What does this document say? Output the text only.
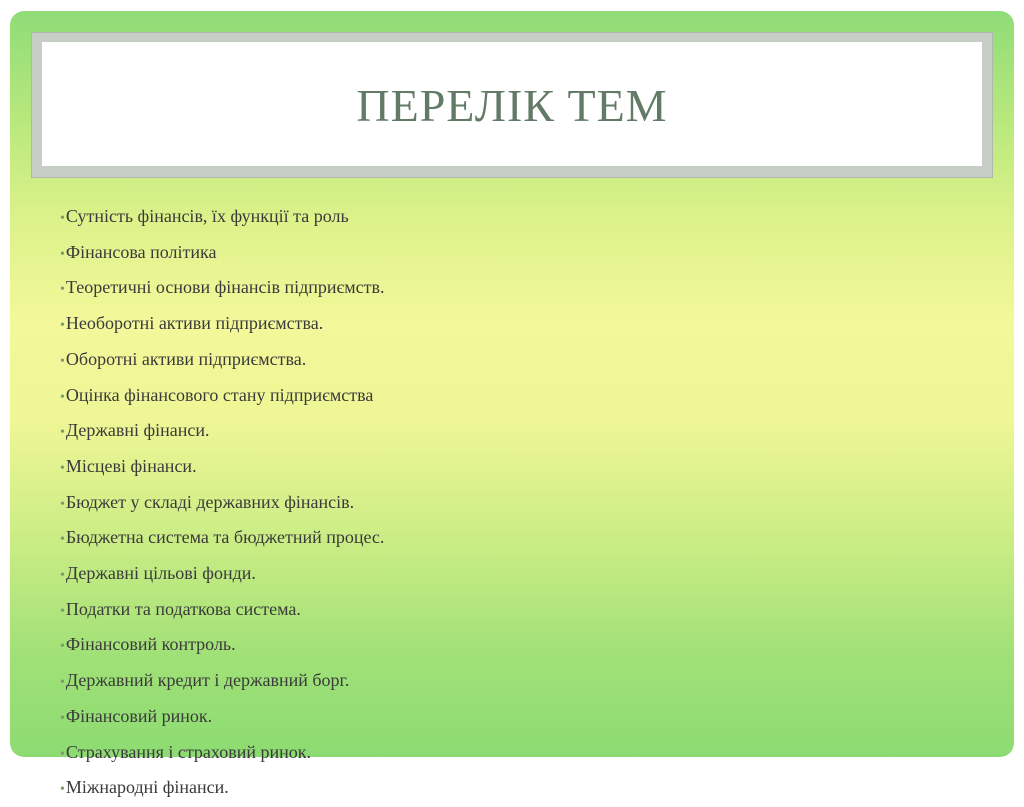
ПЕРЕЛІК ТЕМ
•Сутність фінансів, їх функції та роль
•Фінансова політика
•Теоретичні основи фінансів підприємств.
•Необоротні активи підприємства.
•Оборотні активи підприємства.
•Оцінка фінансового стану підприємства
•Державні фінанси.
•Місцеві фінанси.
•Бюджет у складі державних фінансів.
•Бюджетна система та бюджетний процес.
•Державні цільові фонди.
•Податки та податкова система.
•Фінансовий контроль.
•Державний кредит і державний борг.
•Фінансовий ринок.
•Страхування і страховий ринок.
•Міжнародні фінанси.
